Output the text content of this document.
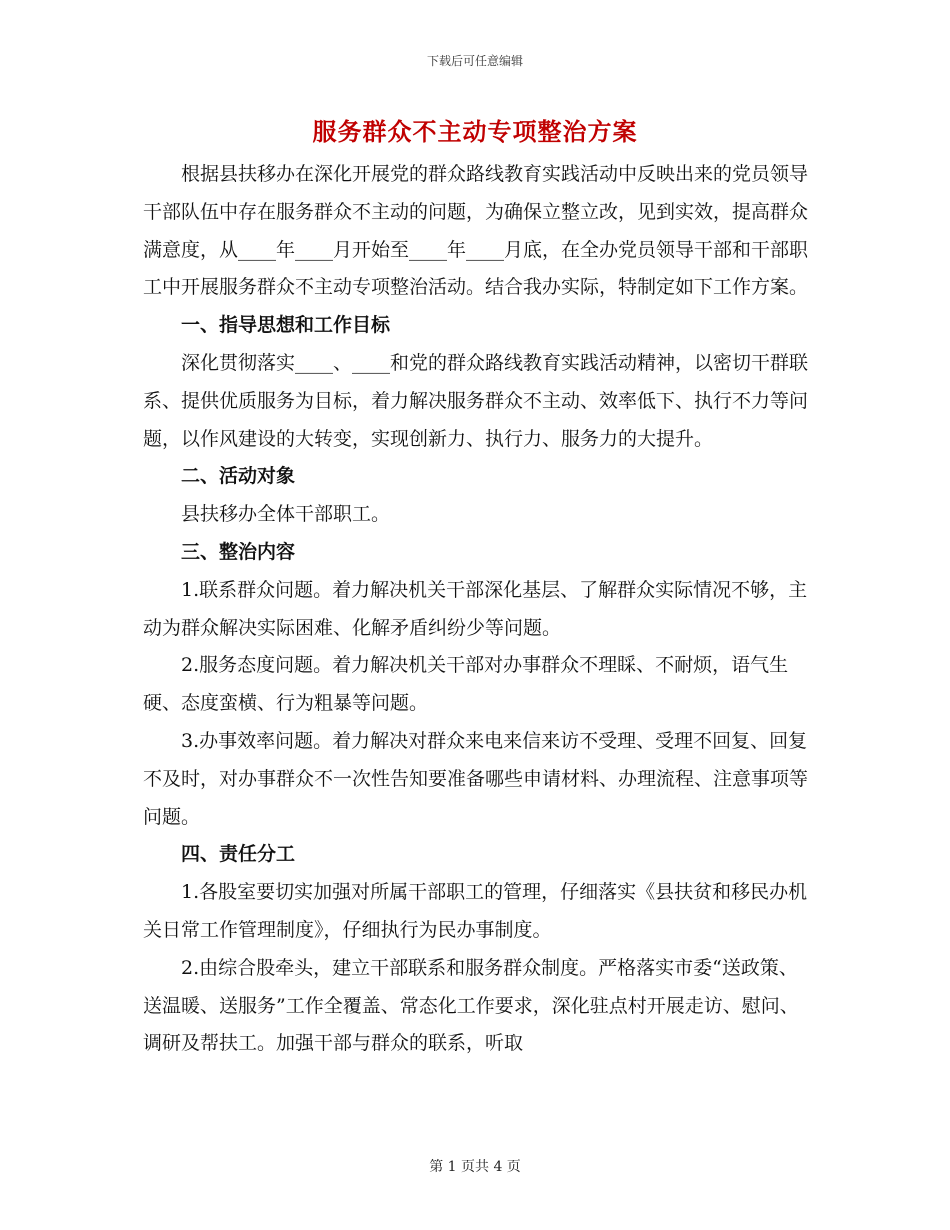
下载后可任意编辑
服务群众不主动专项整治方案

根据县扶移办在深化开展党的群众路线教育实践活动中反映出来的党员领导干部队伍中存在服务群众不主动的问题，为确保立整立改，见到实效，提高群众满意度，从____年____月开始至____年____月底，在全办党员领导干部和干部职工中开展服务群众不主动专项整治活动。结合我办实际，特制定如下工作方案。

一、指导思想和工作目标

深化贯彻落实____、____和党的群众路线教育实践活动精神，以密切干群联系、提供优质服务为目标，着力解决服务群众不主动、效率低下、执行不力等问题，以作风建设的大转变，实现创新力、执行力、服务力的大提升。

二、活动对象

县扶移办全体干部职工。

三、整治内容

1.联系群众问题。着力解决机关干部深化基层、了解群众实际情况不够，主动为群众解决实际困难、化解矛盾纠纷少等问题。

2.服务态度问题。着力解决机关干部对办事群众不理睬、不耐烦，语气生硬、态度蛮横、行为粗暴等问题。

3.办事效率问题。着力解决对群众来电来信来访不受理、受理不回复、回复不及时，对办事群众不一次性告知要准备哪些申请材料、办理流程、注意事项等问题。

四、责任分工

1.各股室要切实加强对所属干部职工的管理，仔细落实《县扶贫和移民办机关日常工作管理制度》，仔细执行为民办事制度。

2.由综合股牵头，建立干部联系和服务群众制度。严格落实市委“送政策、送温暖、送服务”工作全覆盖、常态化工作要求，深化驻点村开展走访、慰问、调研及帮扶工。加强干部与群众的联系，听取

第 1 页共 4 页
